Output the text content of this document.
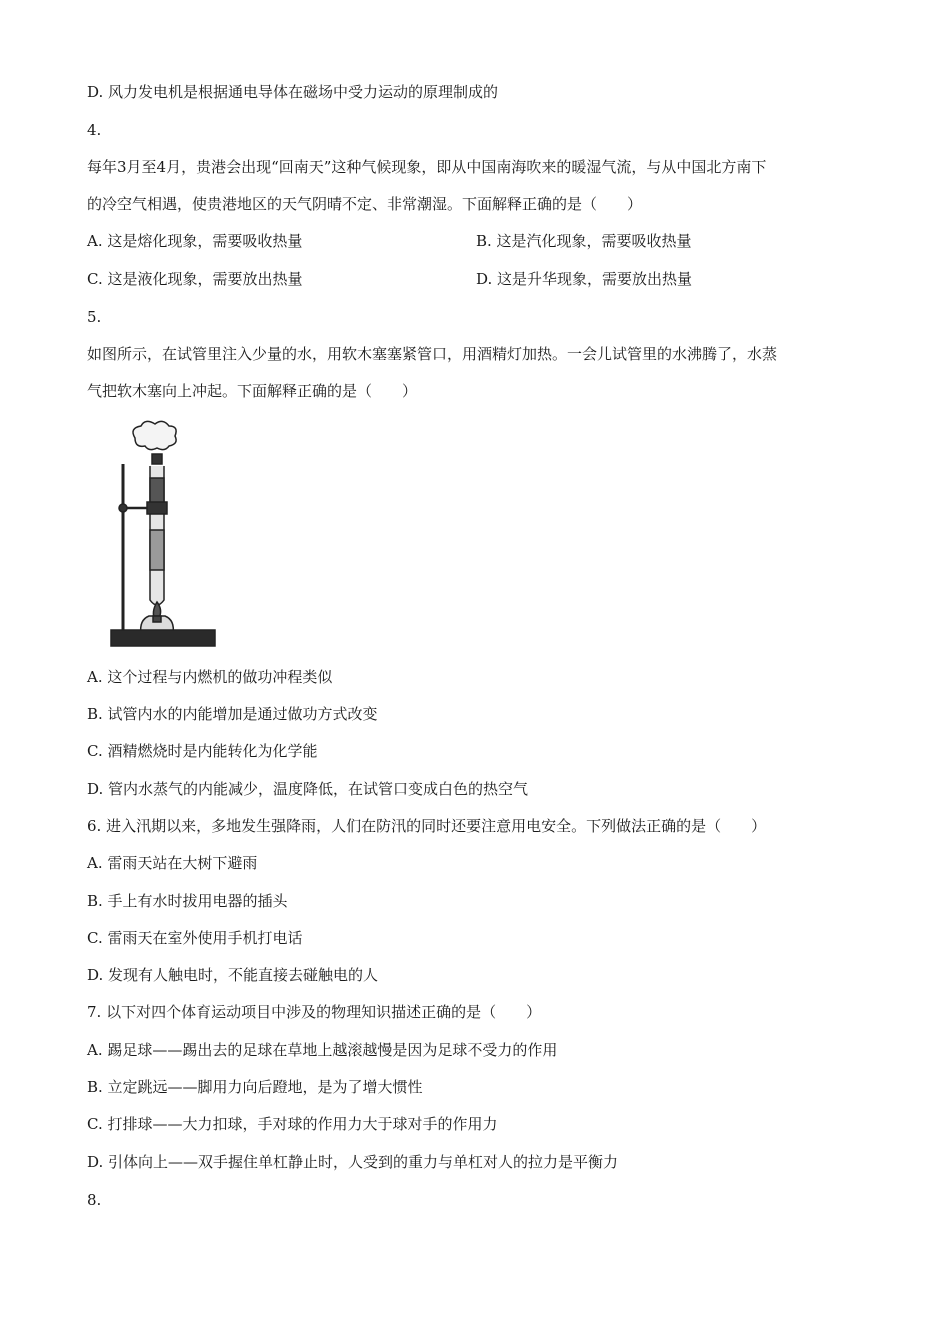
D. 风力发电机是根据通电导体在磁场中受力运动的原理制成的
4.
每年3月至4月，贵港会出现“回南天”这种气候现象，即从中国南海吹来的暖湿气流，与从中国北方南下
的冷空气相遇，使贵港地区的天气阴晴不定、非常潮湿。下面解释正确的是（　　）
A. 这是熔化现象，需要吸收热量	B. 这是汽化现象，需要吸收热量
C. 这是液化现象，需要放出热量	D. 这是升华现象，需要放出热量
5.
如图所示，在试管里注入少量的水，用软木塞塞紧管口，用酒精灯加热。一会儿试管里的水沸腾了，水蒸
气把软木塞向上冲起。下面解释正确的是（　　）
A. 这个过程与内燃机的做功冲程类似
B. 试管内水的内能增加是通过做功方式改变
C. 酒精燃烧时是内能转化为化学能
D. 管内水蒸气的内能减少，温度降低，在试管口变成白色的热空气
6. 进入汛期以来，多地发生强降雨，人们在防汛的同时还要注意用电安全。下列做法正确的是（　　）
A. 雷雨天站在大树下避雨
B. 手上有水时拔用电器的插头
C. 雷雨天在室外使用手机打电话
D. 发现有人触电时，不能直接去碰触电的人
7. 以下对四个体育运动项目中涉及的物理知识描述正确的是（　　）
A. 踢足球——踢出去的足球在草地上越滚越慢是因为足球不受力的作用
B. 立定跳远——脚用力向后蹬地，是为了增大惯性
C. 打排球——大力扣球，手对球的作用力大于球对手的作用力
D. 引体向上——双手握住单杠静止时，人受到的重力与单杠对人的拉力是平衡力
8.
